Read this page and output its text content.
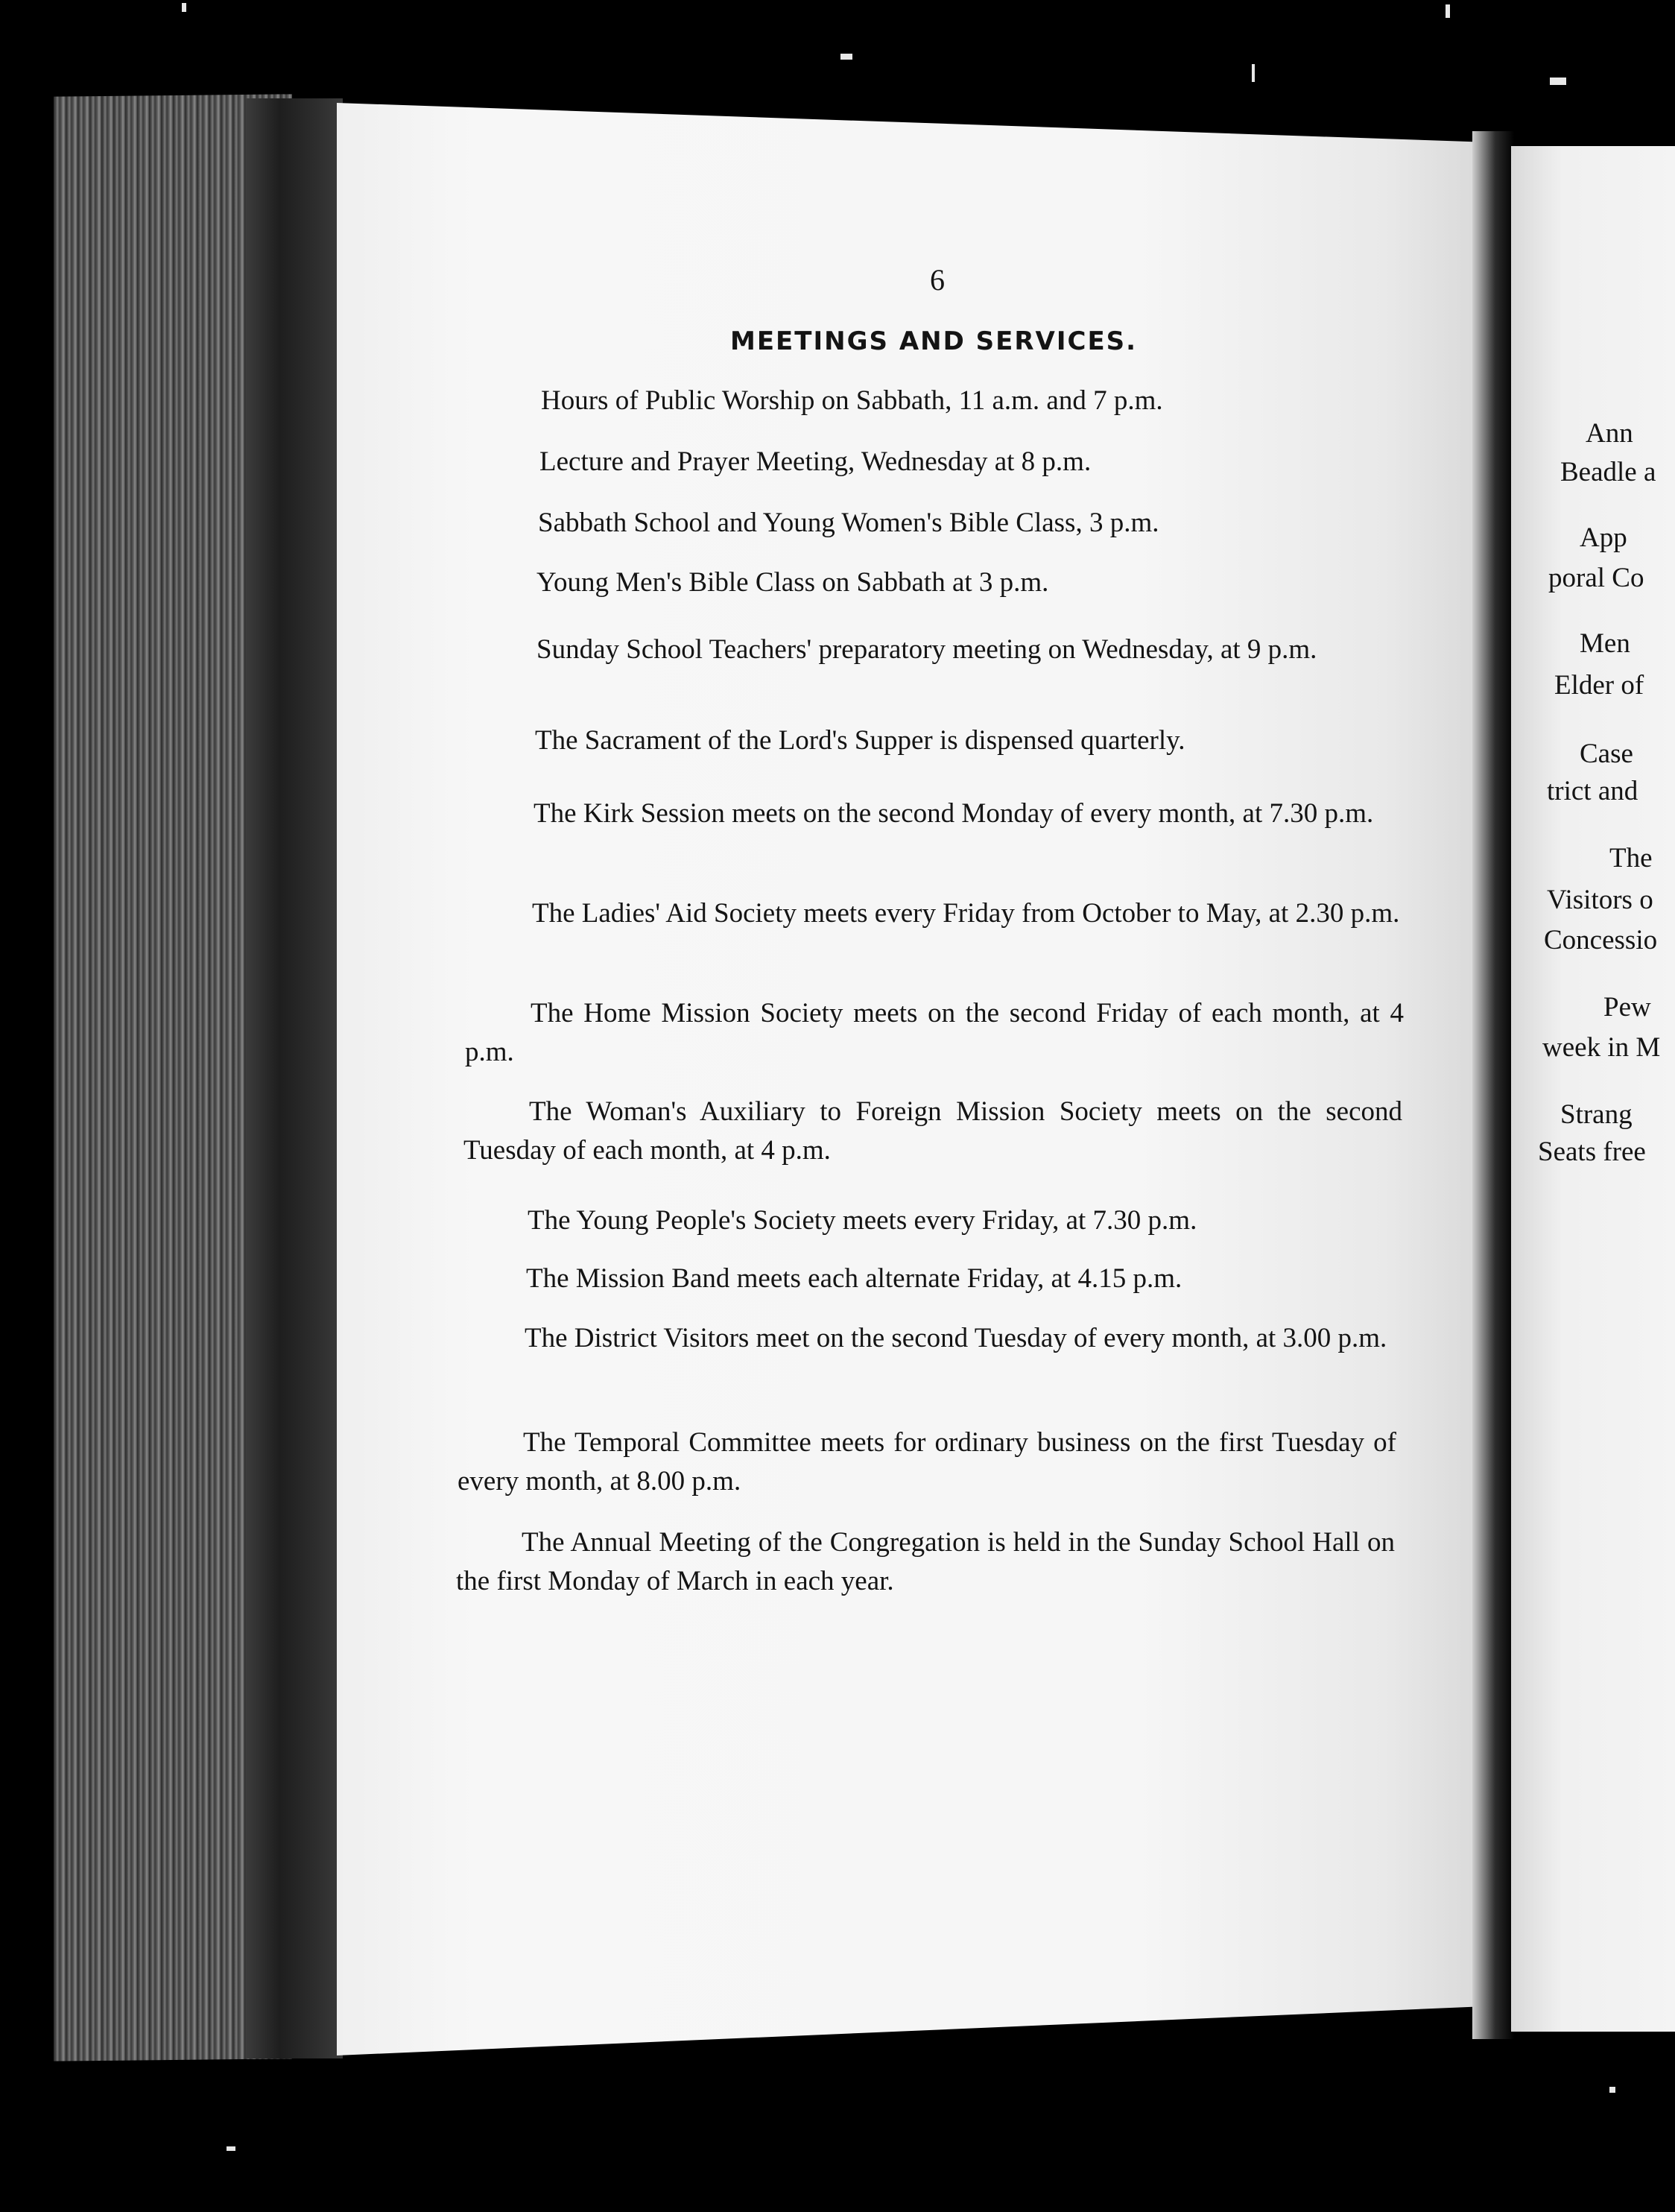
6
MEETINGS AND SERVICES.
Hours of Public Worship on Sabbath, 11 a.m. and 7 p.m.
Lecture and Prayer Meeting, Wednesday at 8 p.m.
Sabbath School and Young Women's Bible Class, 3 p.m.
Young Men's Bible Class on Sabbath at 3 p.m.
Sunday School Teachers' preparatory meeting on Wednesday, at 9 p.m.
The Sacrament of the Lord's Supper is dispensed quarterly.
The Kirk Session meets on the second Monday of every month, at 7.30 p.m.
The Ladies' Aid Society meets every Friday from October to May, at 2.30 p.m.
The Home Mission Society meets on the second Friday of each month, at 4 p.m.
The Woman's Auxiliary to Foreign Mission Society meets on the second Tuesday of each month, at 4 p.m.
The Young People's Society meets every Friday, at 7.30 p.m.
The Mission Band meets each alternate Friday, at 4.15 p.m.
The District Visitors meet on the second Tuesday of every month, at 3.00 p.m.
The Temporal Committee meets for ordinary business on the first Tuesday of every month, at 8.00 p.m.
The Annual Meeting of the Congregation is held in the Sunday School Hall on the first Monday of March in each year.
Ann
Beadle a
App
poral Co
Men
Elder of
Case
trict and
The
Visitors o
Concessio
Pew
week in M
Strang
Seats free
